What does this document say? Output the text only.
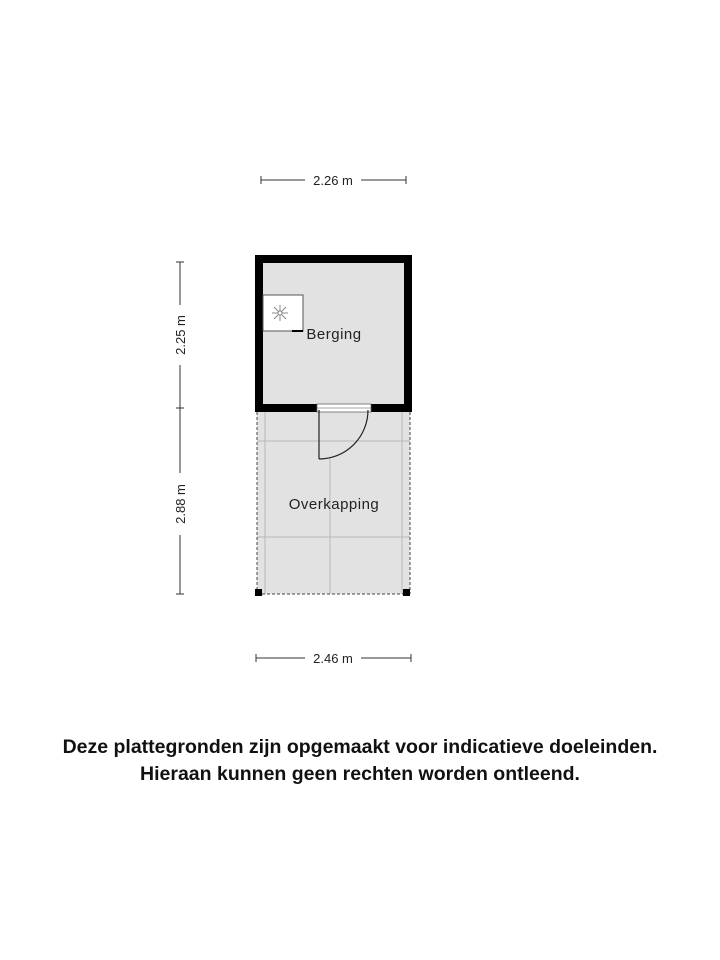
Berging
Overkapping
2.26 m
2.25 m
2.88 m
2.46 m
Deze plattegronden zijn opgemaakt voor indicatieve doeleinden.
Hieraan kunnen geen rechten worden ontleend.
